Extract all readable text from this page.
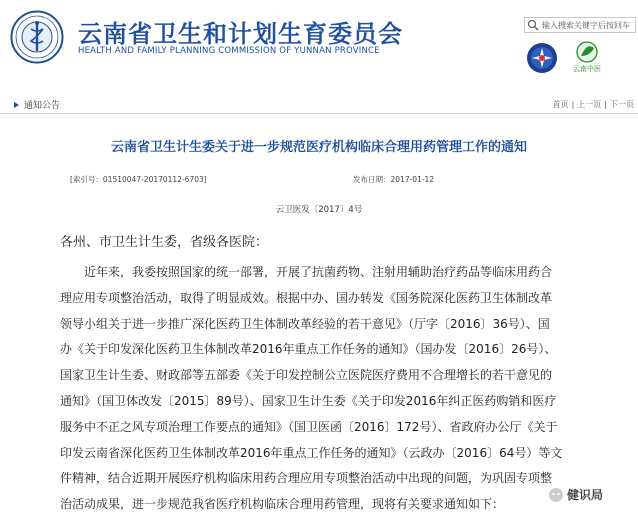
云南省卫生和计划生育委员会
HEALTH AND FAMILY PLANNING COMMISSION OF YUNNAN PROVINCE
输入搜索关键字后按回车
云南中医
通知公告	首页 | 上一页 | 下一页
云南省卫生计生委关于进一步规范医疗机构临床合理用药管理工作的通知
[索引号：01510047-20170112-6703]	发布日期：2017-01-12
云卫医发〔2017〕4号
各州、市卫生计生委，省级各医院：
　　近年来，我委按照国家的统一部署，开展了抗菌药物、注射用辅助治疗药品等临床用药合
理应用专项整治活动，取得了明显成效。根据中办、国办转发《国务院深化医药卫生体制改革
领导小组关于进一步推广深化医药卫生体制改革经验的若干意见》（厅字〔2016〕36号）、国
办《关于印发深化医药卫生体制改革2016年重点工作任务的通知》（国办发〔2016〕26号）、
国家卫生计生委、财政部等五部委《关于印发控制公立医院医疗费用不合理增长的若干意见的
通知》（国卫体改发〔2015〕89号）、国家卫生计生委《关于印发2016年纠正医药购销和医疗
服务中不正之风专项治理工作要点的通知》（国卫医函〔2016〕172号）、省政府办公厅《关于
印发云南省深化医药卫生体制改革2016年重点工作任务的通知》（云政办〔2016〕64号）等文
件精神，结合近期开展医疗机构临床用药合理应用专项整治活动中出现的问题，为巩固专项整
治活动成果，进一步规范我省医疗机构临床合理用药管理，现将有关要求通知如下：
健识局
